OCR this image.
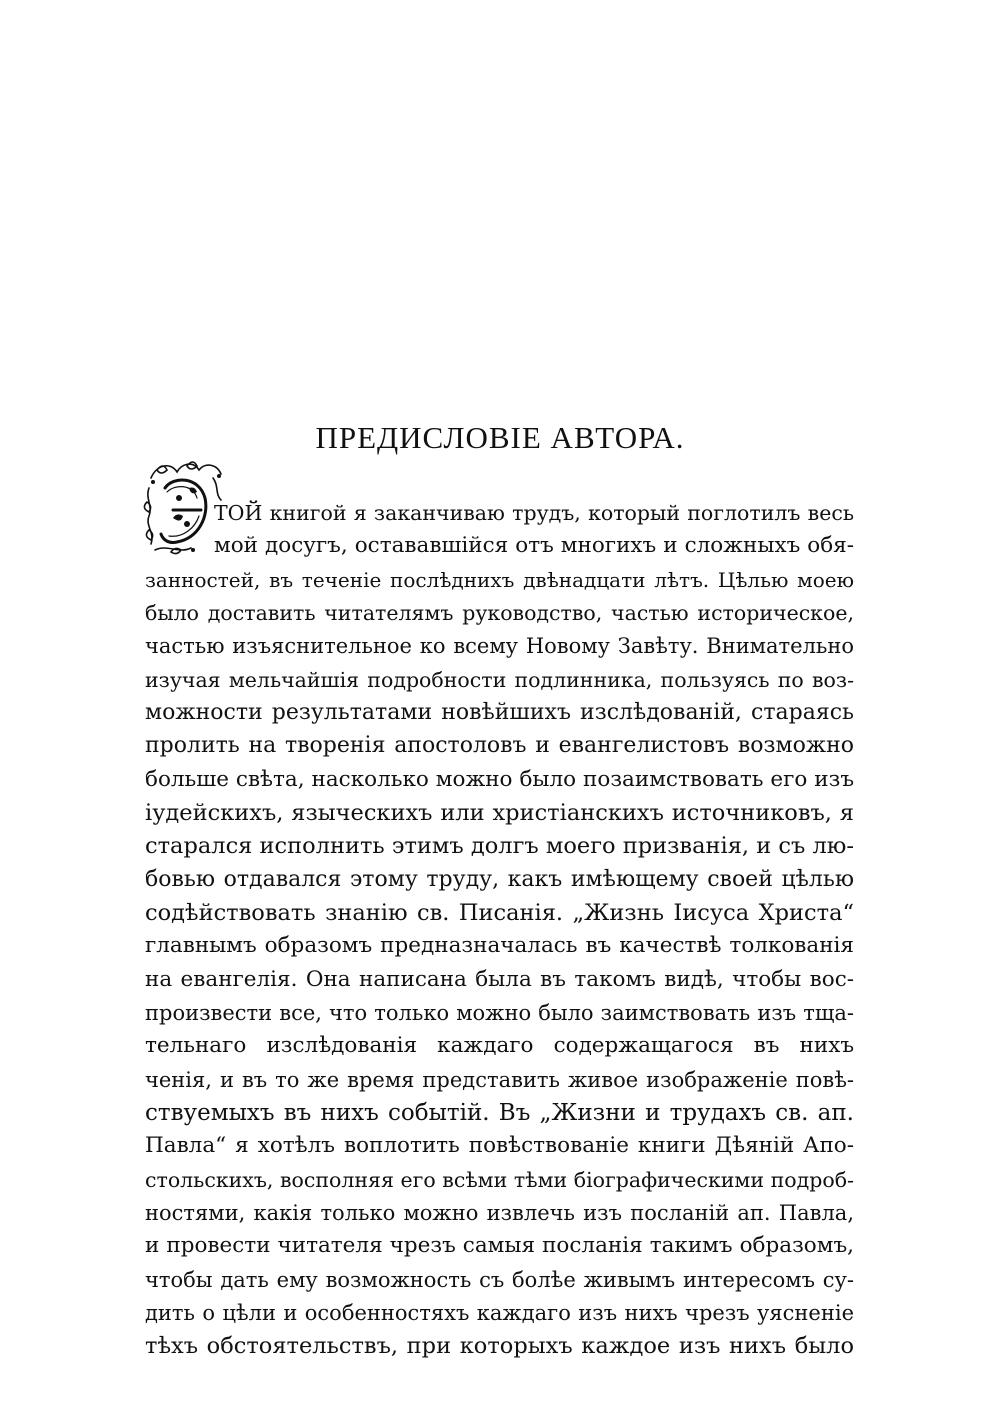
ПРЕДИСЛОВІЕ АВТОРА.
ТОЙ книгой я заканчиваю трудъ, который поглотилъ весь
мой досугъ, остававшійся отъ многихъ и сложныхъ обя-
занностей, въ теченіе послѣднихъ двѣнадцати лѣтъ. Цѣлью моею
было доставить читателямъ руководство, частью историческое,
частью изъяснительное ко всему Новому Завѣту. Внимательно
изучая мельчайшія подробности подлинника, пользуясь по воз-
можности результатами новѣйшихъ изслѣдованій, стараясь
пролить на творенія апостоловъ и евангелистовъ возможно
больше свѣта, насколько можно было позаимствовать его изъ
іудейскихъ, языческихъ или христіанскихъ источниковъ, я
старался исполнить этимъ долгъ моего призванія, и съ лю-
бовью отдавался этому труду, какъ имѣющему своей цѣлью
содѣйствовать знанію св. Писанія. „Жизнь Іисуса Христа“
главнымъ образомъ предназначалась въ качествѣ толкованія
на евангелія. Она написана была въ такомъ видѣ, чтобы вос-
произвести все, что только можно было заимствовать изъ тща-
тельнаго изслѣдованія каждаго содержащагося въ нихъ
ченія, и въ то же время представить живое изображеніе повѣ-
ствуемыхъ въ нихъ событій. Въ „Жизни и трудахъ св. ап.
Павла“ я хотѣлъ воплотить повѣствованіе книги Дѣяній Апо-
стольскихъ, восполняя его всѣми тѣми біографическими подроб-
ностями, какія только можно извлечь изъ посланій ап. Павла,
и провести читателя чрезъ самыя посланія такимъ образомъ,
чтобы дать ему возможность съ болѣе живымъ интересомъ су-
дить о цѣли и особенностяхъ каждаго изъ нихъ чрезъ уясненіе
тѣхъ обстоятельствъ, при которыхъ каждое изъ нихъ было
